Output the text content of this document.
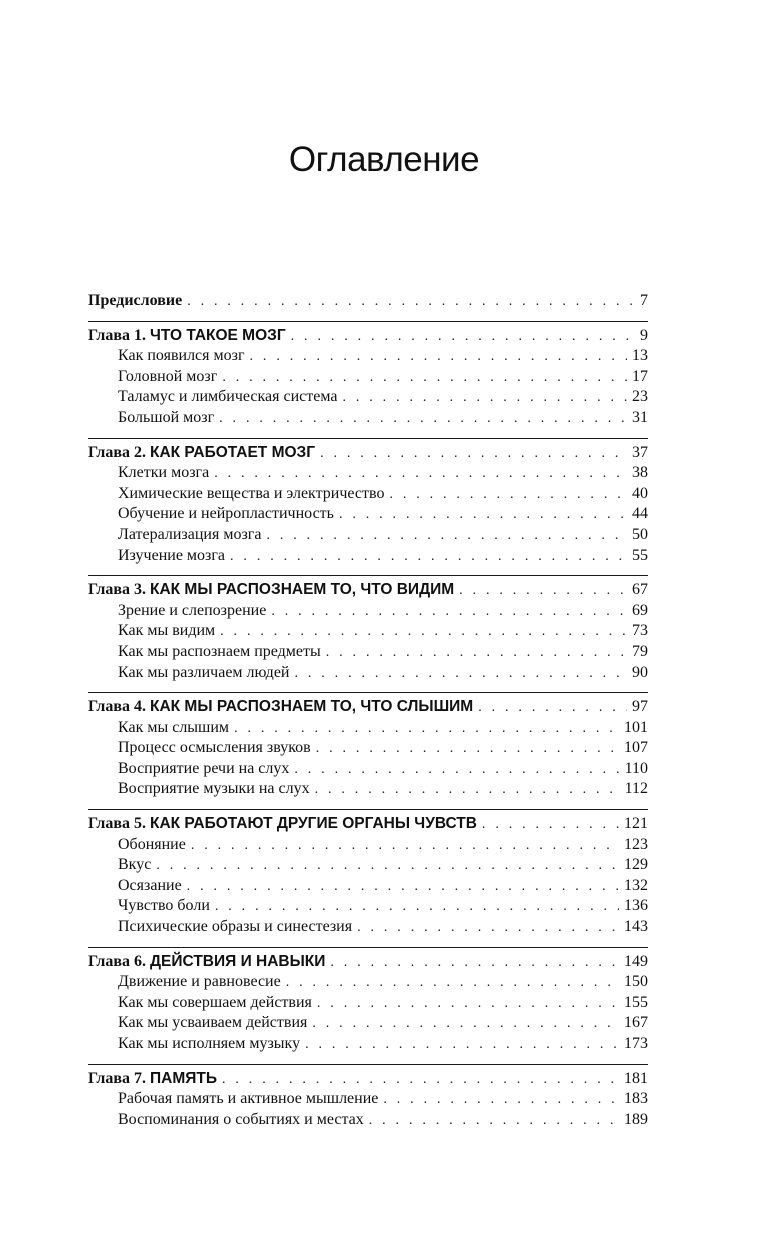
Оглавление
Предисловие . . .	7
Глава 1. ЧТО ТАКОЕ МОЗГ . . .	9
Как появился мозг . . .	13
Головной мозг . . .	17
Таламус и лимбическая система . . .	23
Большой мозг . . .	31
Глава 2. КАК РАБОТАЕТ МОЗГ . . .	37
Клетки мозга . . .	38
Химические вещества и электричество . . .	40
Обучение и нейропластичность . . .	44
Латерализация мозга . . .	50
Изучение мозга . . .	55
Глава 3. КАК МЫ РАСПОЗНАЕМ ТО, ЧТО ВИДИМ . . .	67
Зрение и слепозрение . . .	69
Как мы видим . . .	73
Как мы распознаем предметы . . .	79
Как мы различаем людей . . .	90
Глава 4. КАК МЫ РАСПОЗНАЕМ ТО, ЧТО СЛЫШИМ . . .	97
Как мы слышим . . .	101
Процесс осмысления звуков . . .	107
Восприятие речи на слух . . .	110
Восприятие музыки на слух . . .	112
Глава 5. КАК РАБОТАЮТ ДРУГИЕ ОРГАНЫ ЧУВСТВ . . .	121
Обоняние . . .	123
Вкус . . .	129
Осязание . . .	132
Чувство боли . . .	136
Психические образы и синестезия . . .	143
Глава 6. ДЕЙСТВИЯ И НАВЫКИ . . .	149
Движение и равновесие . . .	150
Как мы совершаем действия . . .	155
Как мы усваиваем действия . . .	167
Как мы исполняем музыку . . .	173
Глава 7. ПАМЯТЬ . . .	181
Рабочая память и активное мышление . . .	183
Воспоминания о событиях и местах . . .	189
